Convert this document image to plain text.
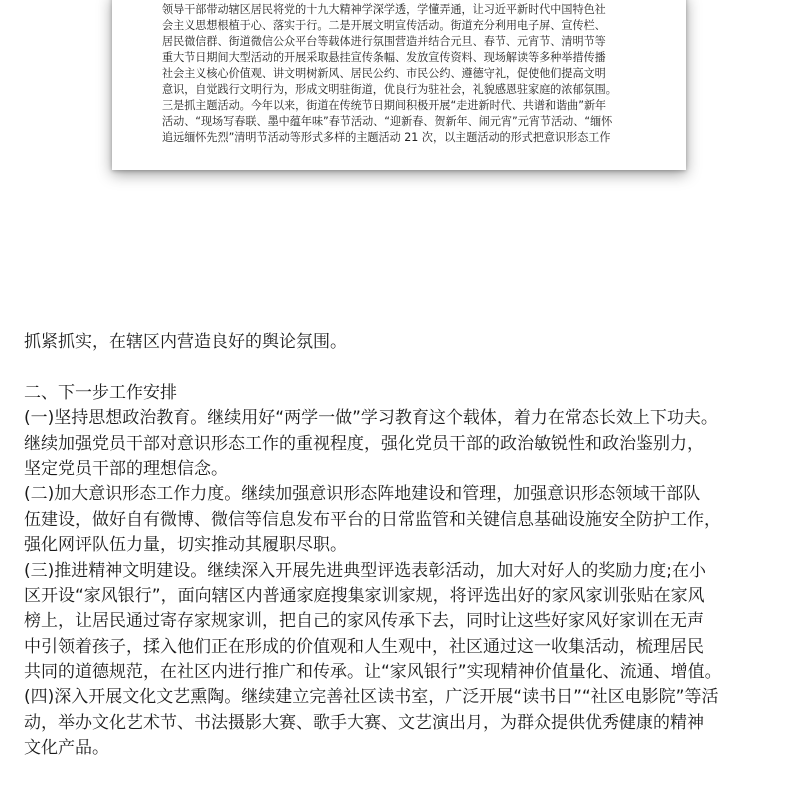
领导干部带动辖区居民将党的十九大精神学深学透，学懂弄通，让习近平新时代中国特色社
会主义思想根植于心、落实于行。二是开展文明宣传活动。街道充分利用电子屏、宣传栏、
居民微信群、街道微信公众平台等载体进行氛围营造并结合元旦、春节、元宵节、清明节等
重大节日期间大型活动的开展采取悬挂宣传条幅、发放宣传资料、现场解读等多种举措传播
社会主义核心价值观、讲文明树新风、居民公约、市民公约、遵德守礼，促使他们提高文明
意识，自觉践行文明行为，形成文明驻街道，优良行为驻社会，礼貌感恩驻家庭的浓郁氛围。
三是抓主题活动。今年以来，街道在传统节日期间积极开展“走进新时代、共谱和谐曲”新年
活动、“现场写春联、墨中蕴年味”春节活动、“迎新春、贺新年、闹元宵”元宵节活动、“缅怀
追远缅怀先烈”清明节活动等形式多样的主题活动 21 次，以主题活动的形式把意识形态工作
抓紧抓实，在辖区内营造良好的舆论氛围。
二、下一步工作安排
(一)坚持思想政治教育。继续用好“两学一做”学习教育这个载体，着力在常态长效上下功夫。
继续加强党员干部对意识形态工作的重视程度，强化党员干部的政治敏锐性和政治鉴别力，
坚定党员干部的理想信念。
(二)加大意识形态工作力度。继续加强意识形态阵地建设和管理，加强意识形态领域干部队
伍建设，做好自有微博、微信等信息发布平台的日常监管和关键信息基础设施安全防护工作，
强化网评队伍力量，切实推动其履职尽职。
(三)推进精神文明建设。继续深入开展先进典型评选表彰活动，加大对好人的奖励力度;在小
区开设“家风银行”，面向辖区内普通家庭搜集家训家规，将评选出好的家风家训张贴在家风
榜上，让居民通过寄存家规家训，把自己的家风传承下去，同时让这些好家风好家训在无声
中引领着孩子，揉入他们正在形成的价值观和人生观中，社区通过这一收集活动，梳理居民
共同的道德规范，在社区内进行推广和传承。让“家风银行”实现精神价值量化、流通、增值。
(四)深入开展文化文艺熏陶。继续建立完善社区读书室，广泛开展“读书日”“社区电影院”等活
动，举办文化艺术节、书法摄影大赛、歌手大赛、文艺演出月，为群众提供优秀健康的精神
文化产品。
